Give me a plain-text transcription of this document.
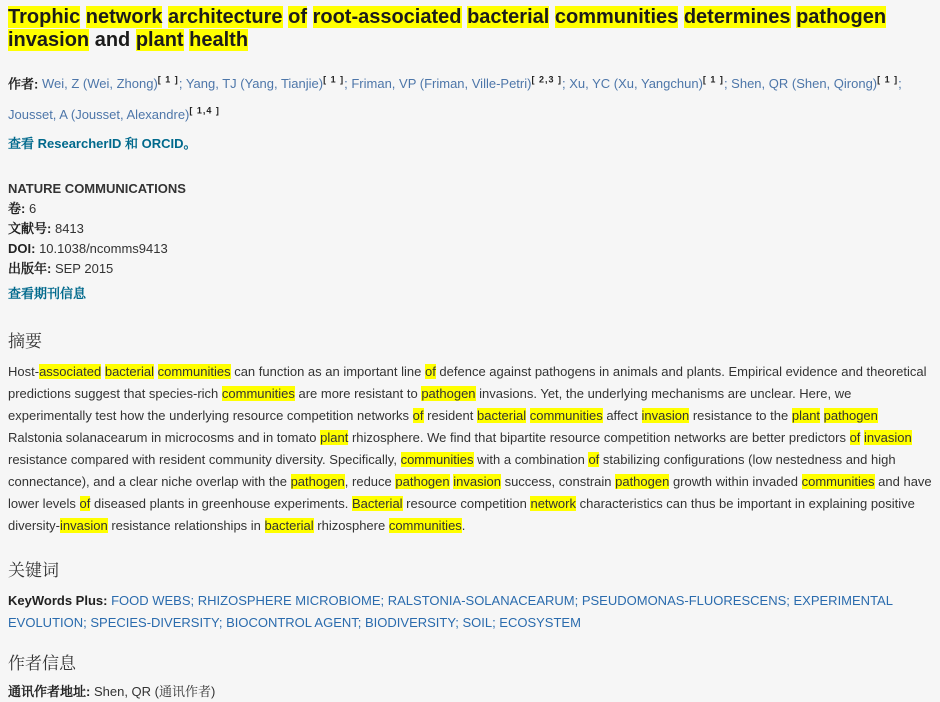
Trophic network architecture of root-associated bacterial communities determines pathogen invasion and plant health
作者: Wei, Z (Wei, Zhong)[ 1 ]; Yang, TJ (Yang, Tianjie)[ 1 ]; Friman, VP (Friman, Ville-Petri)[ 2,3 ]; Xu, YC (Xu, Yangchun)[ 1 ]; Shen, QR (Shen, Qirong)[ 1 ]; Jousset, A (Jousset, Alexandre)[ 1,4 ]
查看 ResearcherID 和 ORCID。
NATURE COMMUNICATIONS
卷: 6
文献号: 8413
DOI: 10.1038/ncomms9413
出版年: SEP 2015
查看期刊信息
摘要
Host-associated bacterial communities can function as an important line of defence against pathogens in animals and plants. Empirical evidence and theoretical predictions suggest that species-rich communities are more resistant to pathogen invasions. Yet, the underlying mechanisms are unclear. Here, we experimentally test how the underlying resource competition networks of resident bacterial communities affect invasion resistance to the plant pathogen Ralstonia solanacearum in microcosms and in tomato plant rhizosphere. We find that bipartite resource competition networks are better predictors of invasion resistance compared with resident community diversity. Specifically, communities with a combination of stabilizing configurations (low nestedness and high connectance), and a clear niche overlap with the pathogen, reduce pathogen invasion success, constrain pathogen growth within invaded communities and have lower levels of diseased plants in greenhouse experiments. Bacterial resource competition network characteristics can thus be important in explaining positive diversity-invasion resistance relationships in bacterial rhizosphere communities.
关键词
KeyWords Plus: FOOD WEBS; RHIZOSPHERE MICROBIOME; RALSTONIA-SOLANACEARUM; PSEUDOMONAS-FLUORESCENS; EXPERIMENTAL EVOLUTION; SPECIES-DIVERSITY; BIOCONTROL AGENT; BIODIVERSITY; SOIL; ECOSYSTEM
作者信息
通讯作者地址: Shen, QR (通讯作者)
